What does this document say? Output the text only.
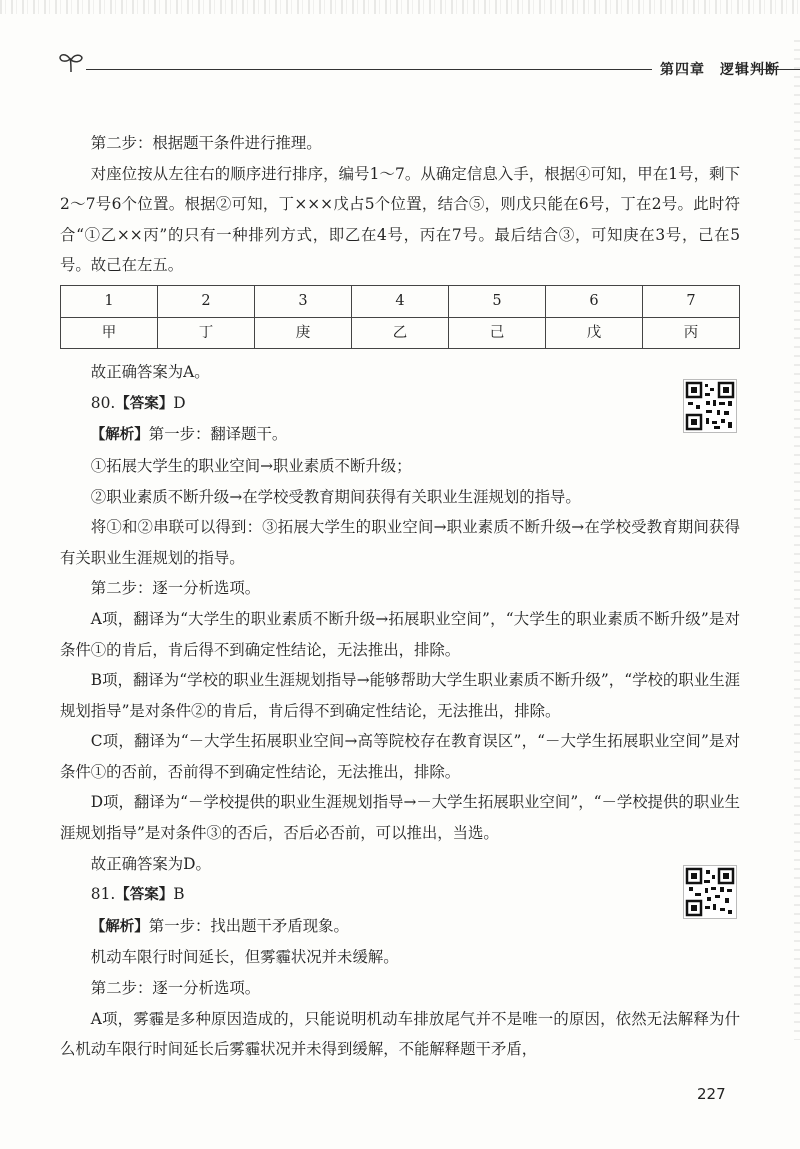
第四章　逻辑判断

第二步：根据题干条件进行推理。

对座位按从左往右的顺序进行排序，编号1～7。从确定信息入手，根据④可知，甲在1号，剩下2～7号6个位置。根据②可知，丁×××戊占5个位置，结合⑤，则戊只能在6号，丁在2号。此时符合“①乙××丙”的只有一种排列方式，即乙在4号，丙在7号。最后结合③，可知庚在3号，己在5号。故己在左五。

1	2	3	4	5	6	7
甲	丁	庚	乙	己	戊	丙

故正确答案为A。

80.【答案】D

【解析】第一步：翻译题干。

①拓展大学生的职业空间→职业素质不断升级；

②职业素质不断升级→在学校受教育期间获得有关职业生涯规划的指导。

将①和②串联可以得到：③拓展大学生的职业空间→职业素质不断升级→在学校受教育期间获得有关职业生涯规划的指导。

第二步：逐一分析选项。

A项，翻译为“大学生的职业素质不断升级→拓展职业空间”，“大学生的职业素质不断升级”是对条件①的肯后，肯后得不到确定性结论，无法推出，排除。

B项，翻译为“学校的职业生涯规划指导→能够帮助大学生职业素质不断升级”，“学校的职业生涯规划指导”是对条件②的肯后，肯后得不到确定性结论，无法推出，排除。

C项，翻译为“－大学生拓展职业空间→高等院校存在教育误区”，“－大学生拓展职业空间”是对条件①的否前，否前得不到确定性结论，无法推出，排除。

D项，翻译为“－学校提供的职业生涯规划指导→－大学生拓展职业空间”，“－学校提供的职业生涯规划指导”是对条件③的否后，否后必否前，可以推出，当选。

故正确答案为D。

81.【答案】B

【解析】第一步：找出题干矛盾现象。

机动车限行时间延长，但雾霾状况并未缓解。

第二步：逐一分析选项。

A项，雾霾是多种原因造成的，只能说明机动车排放尾气并不是唯一的原因，依然无法解释为什么机动车限行时间延长后雾霾状况并未得到缓解，不能解释题干矛盾，

227
